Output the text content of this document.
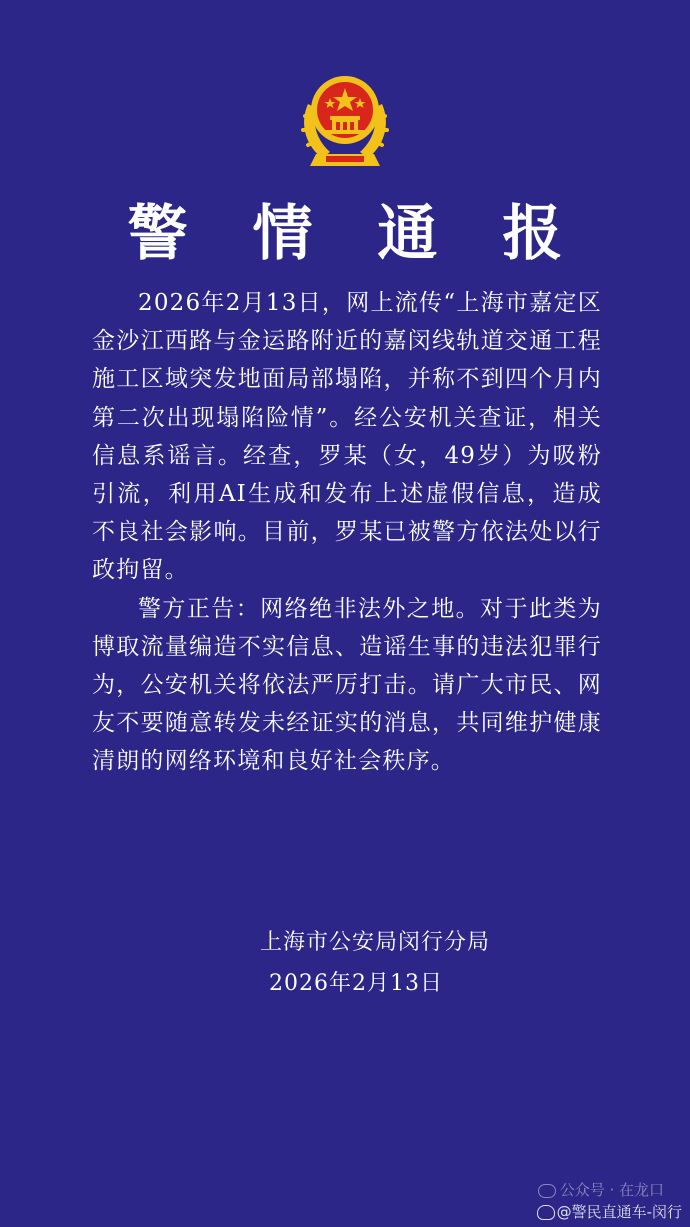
警 情 通 报

2026年2月13日，网上流传“上海市嘉定区金沙江西路与金运路附近的嘉闵线轨道交通工程施工区域突发地面局部塌陷，并称不到四个月内第二次出现塌陷险情”。经公安机关查证，相关信息系谣言。经查，罗某（女，49岁）为吸粉引流，利用AI生成和发布上述虚假信息，造成不良社会影响。目前，罗某已被警方依法处以行政拘留。

警方正告：网络绝非法外之地。对于此类为博取流量编造不实信息、造谣生事的违法犯罪行为，公安机关将依法严厉打击。请广大市民、网友不要随意转发未经证实的消息，共同维护健康清朗的网络环境和良好社会秩序。

上海市公安局闵行分局
2026年2月13日
公众号 · 在龙口
@警民直通车-闵行
